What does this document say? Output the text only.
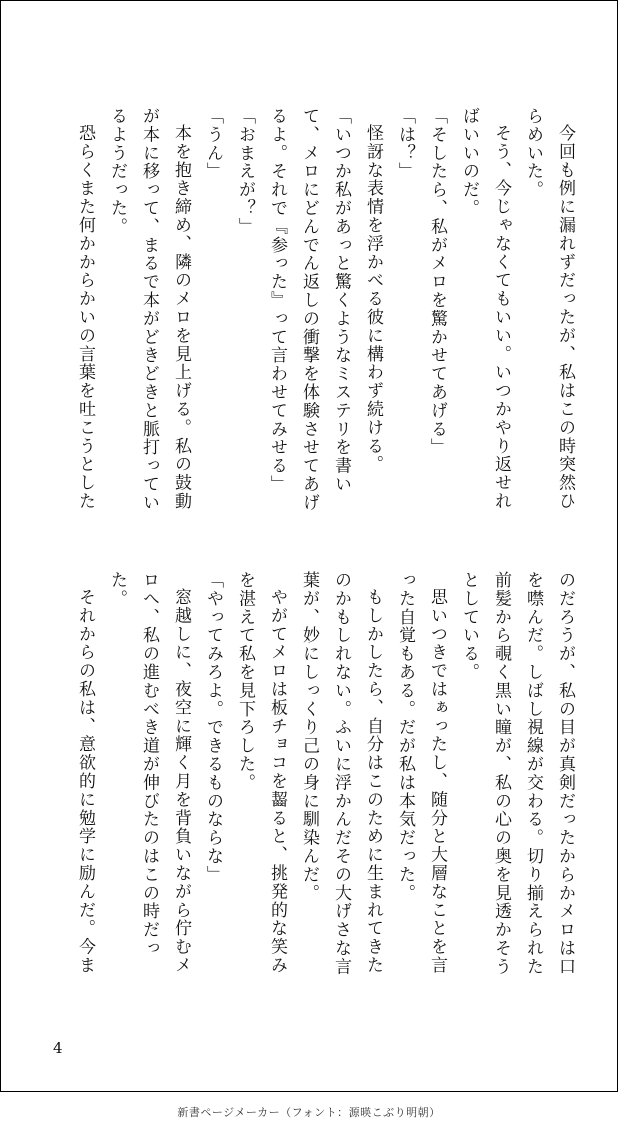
今回も例に漏れずだったが、私はこの時突然ひらめいた。

そう、今じゃなくてもいい。いつかやり返せればいいのだ。

「そしたら、私がメロを驚かせてあげる」

「は？」

怪訝な表情を浮かべる彼に構わず続ける。

「いつか私があっと驚くようなミステリを書いて、メロにどんでん返しの衝撃を体験させてあげるよ。それで『参った』って言わせてみせる」

「おまえが？」

「うん」

本を抱き締め、隣のメロを見上げる。私の鼓動が本に移って、まるで本がどきどきと脈打っているようだった。

恐らくまた何かからかいの言葉を吐こうとした

のだろうが、私の目が真剣だったからかメロは口を噤んだ。しばし視線が交わる。切り揃えられた前髪から覗く黒い瞳が、私の心の奥を見透かそうとしている。

思いつきではぁったし、随分と大層なことを言った自覚もある。だが私は本気だった。

もしかしたら、自分はこのために生まれてきたのかもしれない。ふいに浮かんだその大げさな言葉が、妙にしっくり己の身に馴染んだ。

やがてメロは板チョコを齧ると、挑発的な笑みを湛えて私を見下ろした。

「やってみろよ。できるものならな」

窓越しに、夜空に輝く月を背負いながら佇むメロへ、私の進むべき道が伸びたのはこの時だった。

それからの私は、意欲的に勉学に励んだ。今ま

4
新書ページメーカー（フォント：源暎こぶり明朝）
